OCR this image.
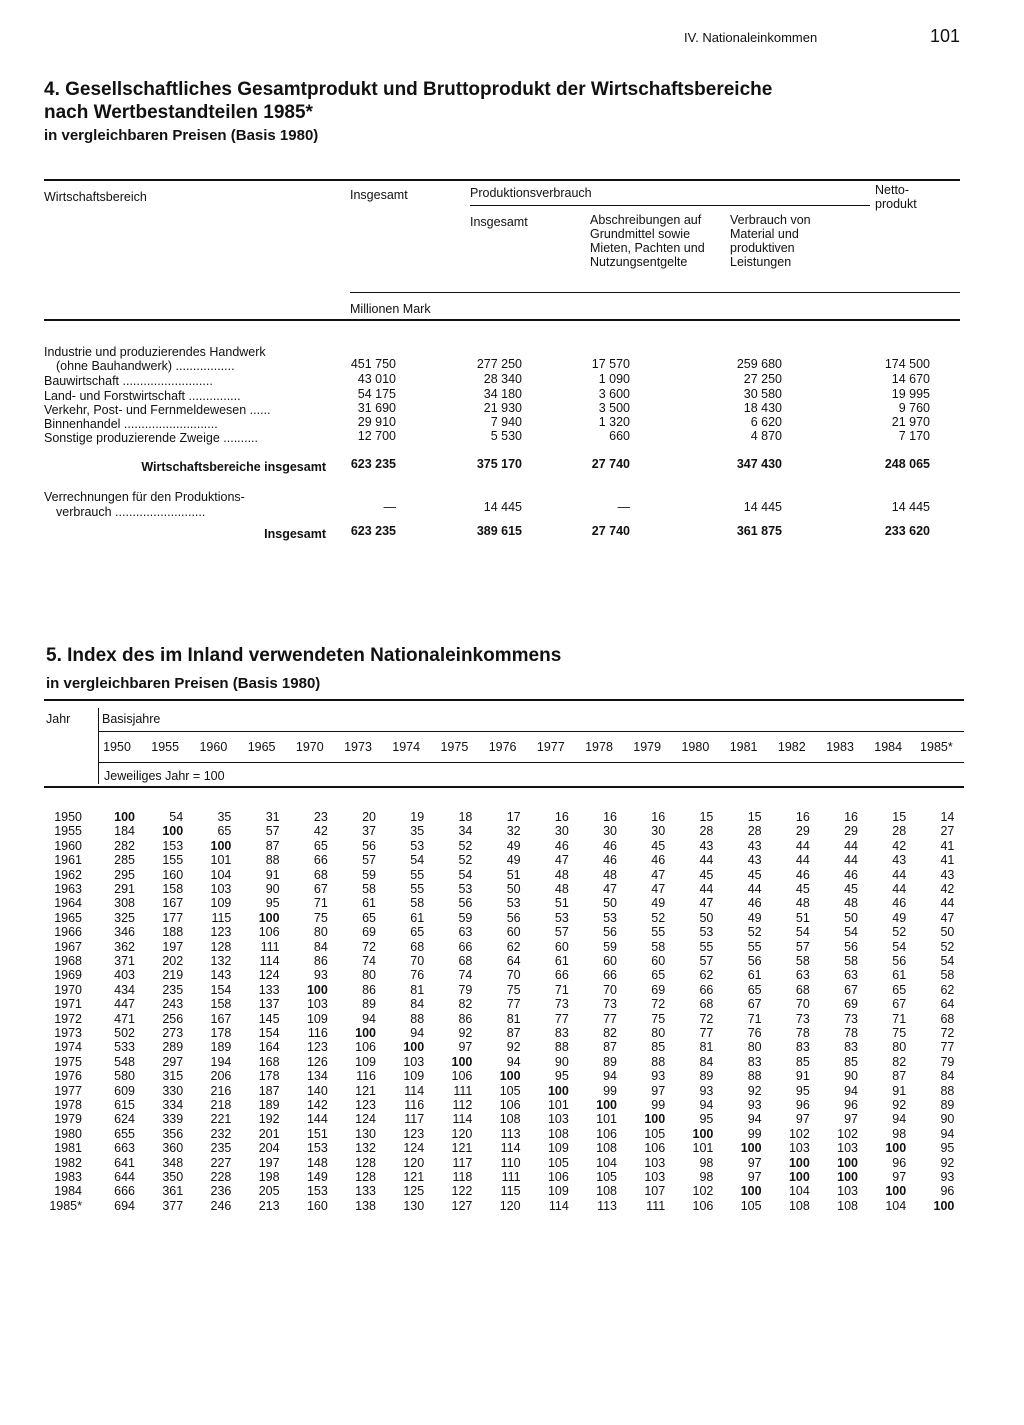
IV. Nationaleinkommen	101
4. Gesellschaftliches Gesamtprodukt und Bruttoprodukt der Wirtschaftsbereiche
nach Wertbestandteilen 1985*
in vergleichbaren Preisen (Basis 1980)
Wirtschaftsbereich	Insgesamt	Produktionsverbrauch	Netto-produkt
Insgesamt	Abschreibungen auf Grundmittel sowie Mieten, Pachten und Nutzungsentgelte
Verbrauch von Material und produktiven Leistungen
Millionen Mark
Industrie und produzierendes Handwerk
(ohne Bauhandwerk) .................	451 750	277 250	17 570	259 680	174 500
Bauwirtschaft ..........................	43 010	28 340	1 090	27 250	14 670
Land- und Forstwirtschaft ...............	54 175	34 180	3 600	30 580	19 995
Verkehr, Post- und Fernmeldewesen ......	31 690	21 930	3 500	18 430	9 760
Binnenhandel ...........................	29 910	7 940	1 320	6 620	21 970
Sonstige produzierende Zweige ..........	12 700	5 530	660	4 870	7 170
Wirtschaftsbereiche insgesamt	623 235	375 170	27 740	347 430	248 065
Verrechnungen für den Produktions-
verbrauch ..........................	—	14 445	—	14 445	14 445
Insgesamt	623 235	389 615	27 740	361 875	233 620
5. Index des im Inland verwendeten Nationaleinkommens
in vergleichbaren Preisen (Basis 1980)
Jahr	Basisjahre
1950	1955	1960	1965	1970	1973	1974	1975	1976	1977	1978	1979	1980	1981	1982	1983	1984	1985*
Jeweiliges Jahr = 100
1950	100	54	35	31	23	20	19	18	17	16	16	16	15	15	16	16	15	14
1955	184	100	65	57	42	37	35	34	32	30	30	30	28	28	29	29	28	27
1960	282	153	100	87	65	56	53	52	49	46	46	45	43	43	44	44	42	41
1961	285	155	101	88	66	57	54	52	49	47	46	46	44	43	44	44	43	41
1962	295	160	104	91	68	59	55	54	51	48	48	47	45	45	46	46	44	43
1963	291	158	103	90	67	58	55	53	50	48	47	47	44	44	45	45	44	42
1964	308	167	109	95	71	61	58	56	53	51	50	49	47	46	48	48	46	44
1965	325	177	115	100	75	65	61	59	56	53	53	52	50	49	51	50	49	47
1966	346	188	123	106	80	69	65	63	60	57	56	55	53	52	54	54	52	50
1967	362	197	128	111	84	72	68	66	62	60	59	58	55	55	57	56	54	52
1968	371	202	132	114	86	74	70	68	64	61	60	60	57	56	58	58	56	54
1969	403	219	143	124	93	80	76	74	70	66	66	65	62	61	63	63	61	58
1970	434	235	154	133	100	86	81	79	75	71	70	69	66	65	68	67	65	62
1971	447	243	158	137	103	89	84	82	77	73	73	72	68	67	70	69	67	64
1972	471	256	167	145	109	94	88	86	81	77	77	75	72	71	73	73	71	68
1973	502	273	178	154	116	100	94	92	87	83	82	80	77	76	78	78	75	72
1974	533	289	189	164	123	106	100	97	92	88	87	85	81	80	83	83	80	77
1975	548	297	194	168	126	109	103	100	94	90	89	88	84	83	85	85	82	79
1976	580	315	206	178	134	116	109	106	100	95	94	93	89	88	91	90	87	84
1977	609	330	216	187	140	121	114	111	105	100	99	97	93	92	95	94	91	88
1978	615	334	218	189	142	123	116	112	106	101	100	99	94	93	96	96	92	89
1979	624	339	221	192	144	124	117	114	108	103	101	100	95	94	97	97	94	90
1980	655	356	232	201	151	130	123	120	113	108	106	105	100	99	102	102	98	94
1981	663	360	235	204	153	132	124	121	114	109	108	106	101	100	103	103	100	95
1982	641	348	227	197	148	128	120	117	110	105	104	103	98	97	100	100	96	92
1983	644	350	228	198	149	128	121	118	111	106	105	103	98	97	100	100	97	93
1984	666	361	236	205	153	133	125	122	115	109	108	107	102	100	104	103	100	96
1985*	694	377	246	213	160	138	130	127	120	114	113	111	106	105	108	108	104	100
